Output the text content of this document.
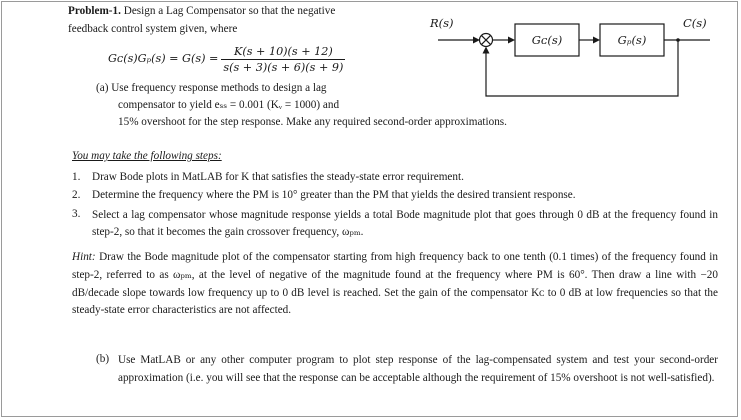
Problem-1. Design a Lag Compensator so that the negative
feedback control system given, where
Gᴄ(s)Gₚ(s) = $G(s) = \frac{K(s + 10)(s + 12)}{s(s + 3)(s + 6)(s + 9)}$
(a) Use frequency response methods to design a lag
compensator to yield eₛₛ = 0.001 (Kᵥ = 1000) and
15% overshoot for the step response. Make any required second-order approximations.
R(s)	C(s)
Gᴄ(s)	Gₚ(s)
You may take the following steps:
1. Draw Bode plots in MatLAB for K that satisfies the steady-state error requirement.
2. Determine the frequency where the PM is 10° greater than the PM that yields the desired transient response.
3. Select a lag compensator whose magnitude response yields a total Bode magnitude plot that goes through 0 dB at the frequency found in step-2, so that it becomes the gain crossover frequency, ωₚₘ.
Hint: Draw the Bode magnitude plot of the compensator starting from high frequency back to one tenth (0.1 times) of the frequency found in step-2, referred to as ωₚₘ, at the level of negative of the magnitude found at the frequency where PM is 60°. Then draw a line with −20 dB/decade slope towards low frequency up to 0 dB level is reached. Set the gain of the compensator Kᴄ to 0 dB at low frequencies so that the steady-state error characteristics are not affected.
(b) Use MatLAB or any other computer program to plot step response of the lag-compensated system and test your second-order approximation (i.e. you will see that the response can be acceptable although the requirement of 15% overshoot is not well-satisfied).
